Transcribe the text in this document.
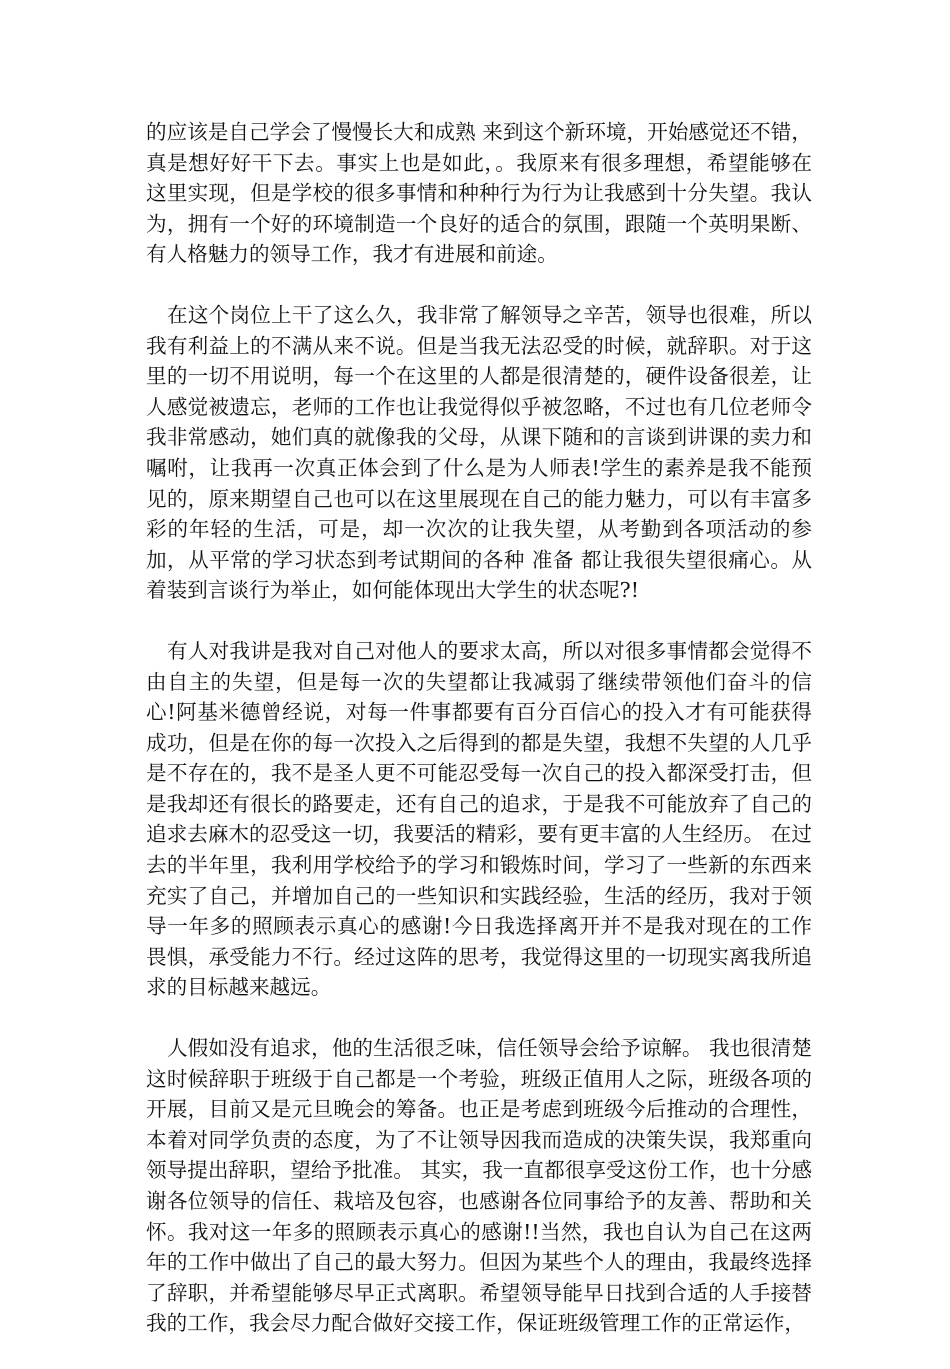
的应该是自己学会了慢慢长大和成熟 来到这个新环境，开始感觉还不错，真是想好好干下去。事实上也是如此，。我原来有很多理想，希望能够在这里实现，但是学校的很多事情和种种行为行为让我感到十分失望。我认为，拥有一个好的环境制造一个良好的适合的氛围，跟随一个英明果断、有人格魅力的领导工作，我才有进展和前途。

在这个岗位上干了这么久，我非常了解领导之辛苦，领导也很难，所以我有利益上的不满从来不说。但是当我无法忍受的时候，就辞职。对于这里的一切不用说明，每一个在这里的人都是很清楚的，硬件设备很差，让人感觉被遗忘，老师的工作也让我觉得似乎被忽略，不过也有几位老师令我非常感动，她们真的就像我的父母，从课下随和的言谈到讲课的卖力和嘱咐，让我再一次真正体会到了什么是为人师表!学生的素养是我不能预见的，原来期望自己也可以在这里展现在自己的能力魅力，可以有丰富多彩的年轻的生活，可是，却一次次的让我失望，从考勤到各项活动的参加，从平常的学习状态到考试期间的各种 准备 都让我很失望很痛心。从着装到言谈行为举止，如何能体现出大学生的状态呢?!

有人对我讲是我对自己对他人的要求太高，所以对很多事情都会觉得不由自主的失望，但是每一次的失望都让我减弱了继续带领他们奋斗的信心!阿基米德曾经说，对每一件事都要有百分百信心的投入才有可能获得成功，但是在你的每一次投入之后得到的都是失望，我想不失望的人几乎是不存在的，我不是圣人更不可能忍受每一次自己的投入都深受打击，但是我却还有很长的路要走，还有自己的追求，于是我不可能放弃了自己的追求去麻木的忍受这一切，我要活的精彩，要有更丰富的人生经历。 在过去的半年里，我利用学校给予的学习和锻炼时间，学习了一些新的东西来充实了自己，并增加自己的一些知识和实践经验，生活的经历，我对于领导一年多的照顾表示真心的感谢!今日我选择离开并不是我对现在的工作畏惧，承受能力不行。经过这阵的思考，我觉得这里的一切现实离我所追求的目标越来越远。

人假如没有追求，他的生活很乏味，信任领导会给予谅解。 我也很清楚这时候辞职于班级于自己都是一个考验，班级正值用人之际，班级各项的开展，目前又是元旦晚会的筹备。也正是考虑到班级今后推动的合理性，本着对同学负责的态度，为了不让领导因我而造成的决策失误，我郑重向领导提出辞职，望给予批准。 其实，我一直都很享受这份工作，也十分感谢各位领导的信任、栽培及包容，也感谢各位同事给予的友善、帮助和关怀。我对这一年多的照顾表示真心的感谢!!当然，我也自认为自己在这两年的工作中做出了自己的最大努力。但因为某些个人的理由，我最终选择了辞职，并希望能够尽早正式离职。希望领导能早日找到合适的人手接替我的工作，我会尽力配合做好交接工作，保证班级管理工作的正常运作，
